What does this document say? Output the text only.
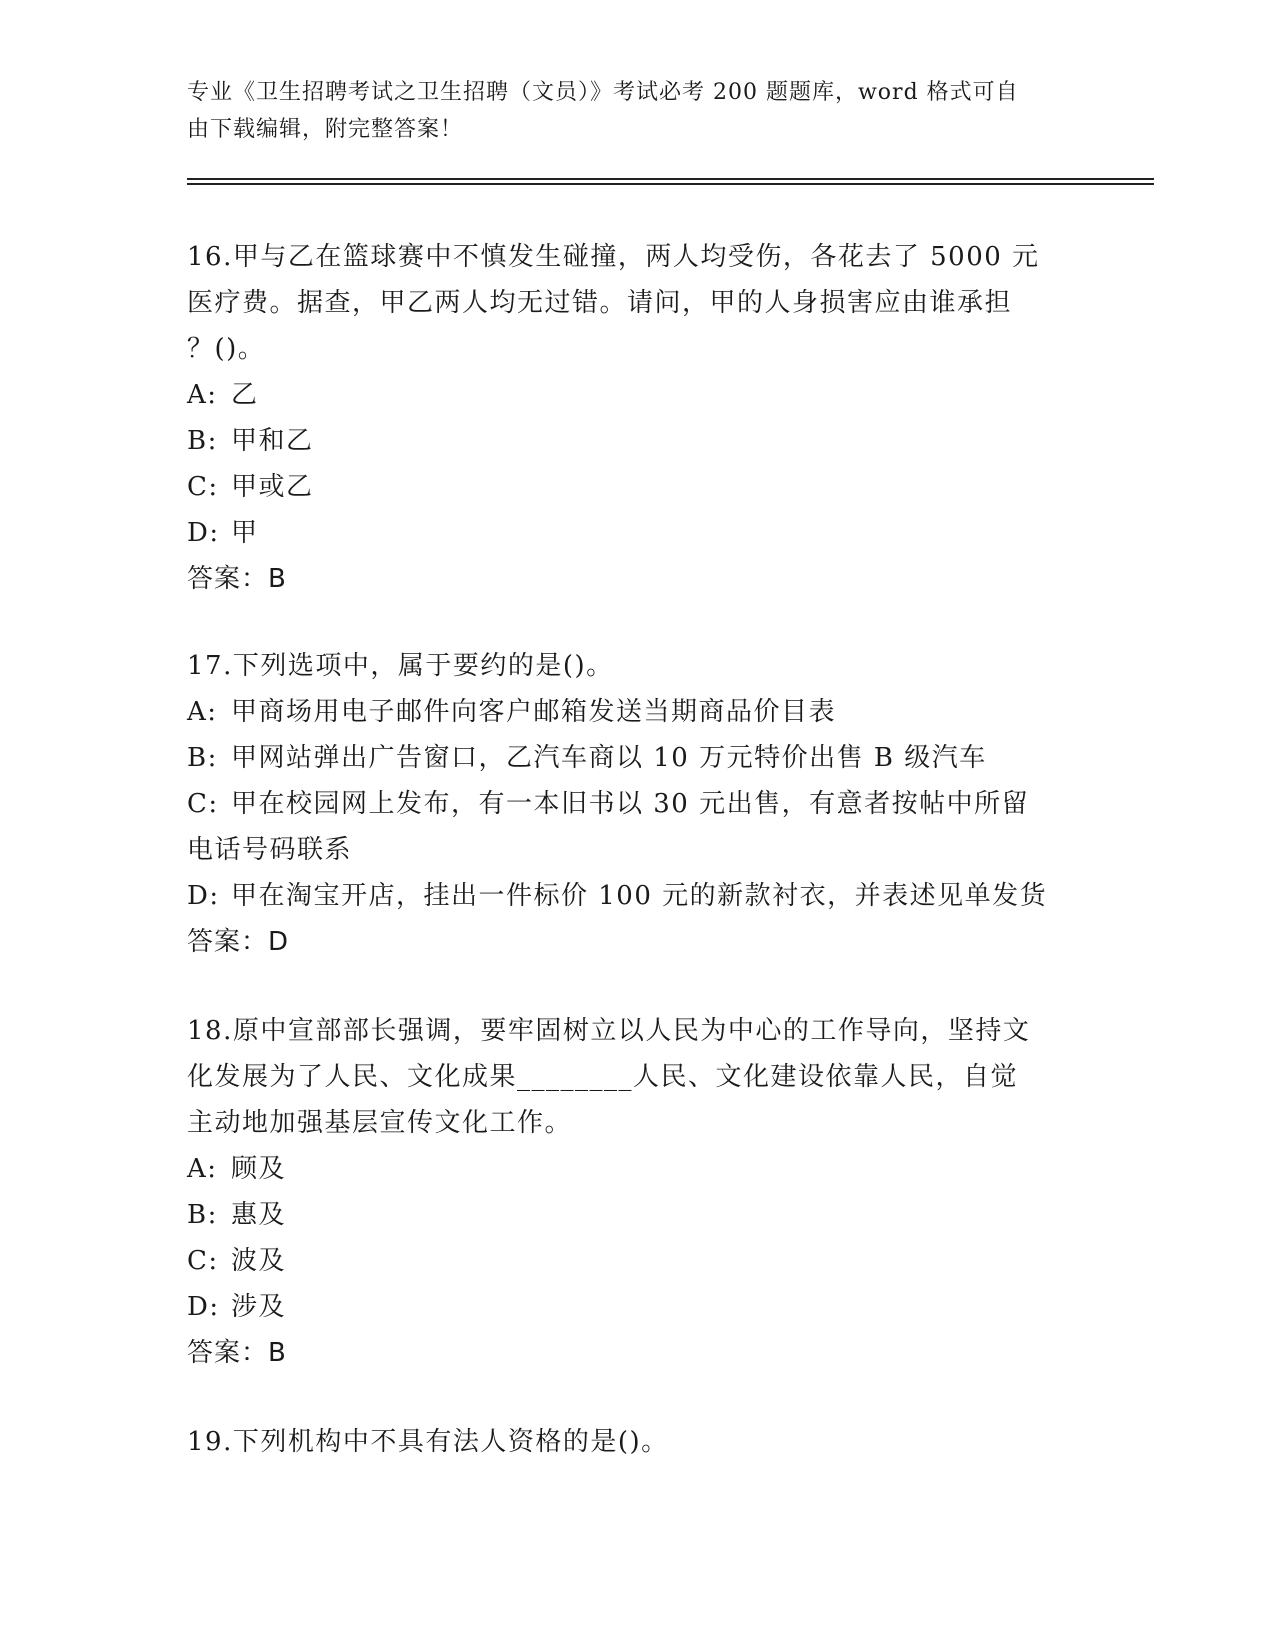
专业《卫生招聘考试之卫生招聘（文员）》考试必考 200 题题库，word 格式可自
由下载编辑，附完整答案！

16.甲与乙在篮球赛中不慎发生碰撞，两人均受伤，各花去了 5000 元

医疗费。据查，甲乙两人均无过错。请问，甲的人身损害应由谁承担

？()。

A: 乙

B: 甲和乙

C: 甲或乙

D: 甲

答案：B

17.下列选项中，属于要约的是()。

A: 甲商场用电子邮件向客户邮箱发送当期商品价目表

B: 甲网站弹出广告窗口，乙汽车商以 10 万元特价出售 B 级汽车

C: 甲在校园网上发布，有一本旧书以 30 元出售，有意者按帖中所留

电话号码联系

D: 甲在淘宝开店，挂出一件标价 100 元的新款衬衣，并表述见单发货

答案：D

18.原中宣部部长强调，要牢固树立以人民为中心的工作导向，坚持文

化发展为了人民、文化成果________人民、文化建设依靠人民，自觉

主动地加强基层宣传文化工作。

A: 顾及

B: 惠及

C: 波及

D: 涉及

答案：B

19.下列机构中不具有法人资格的是()。
